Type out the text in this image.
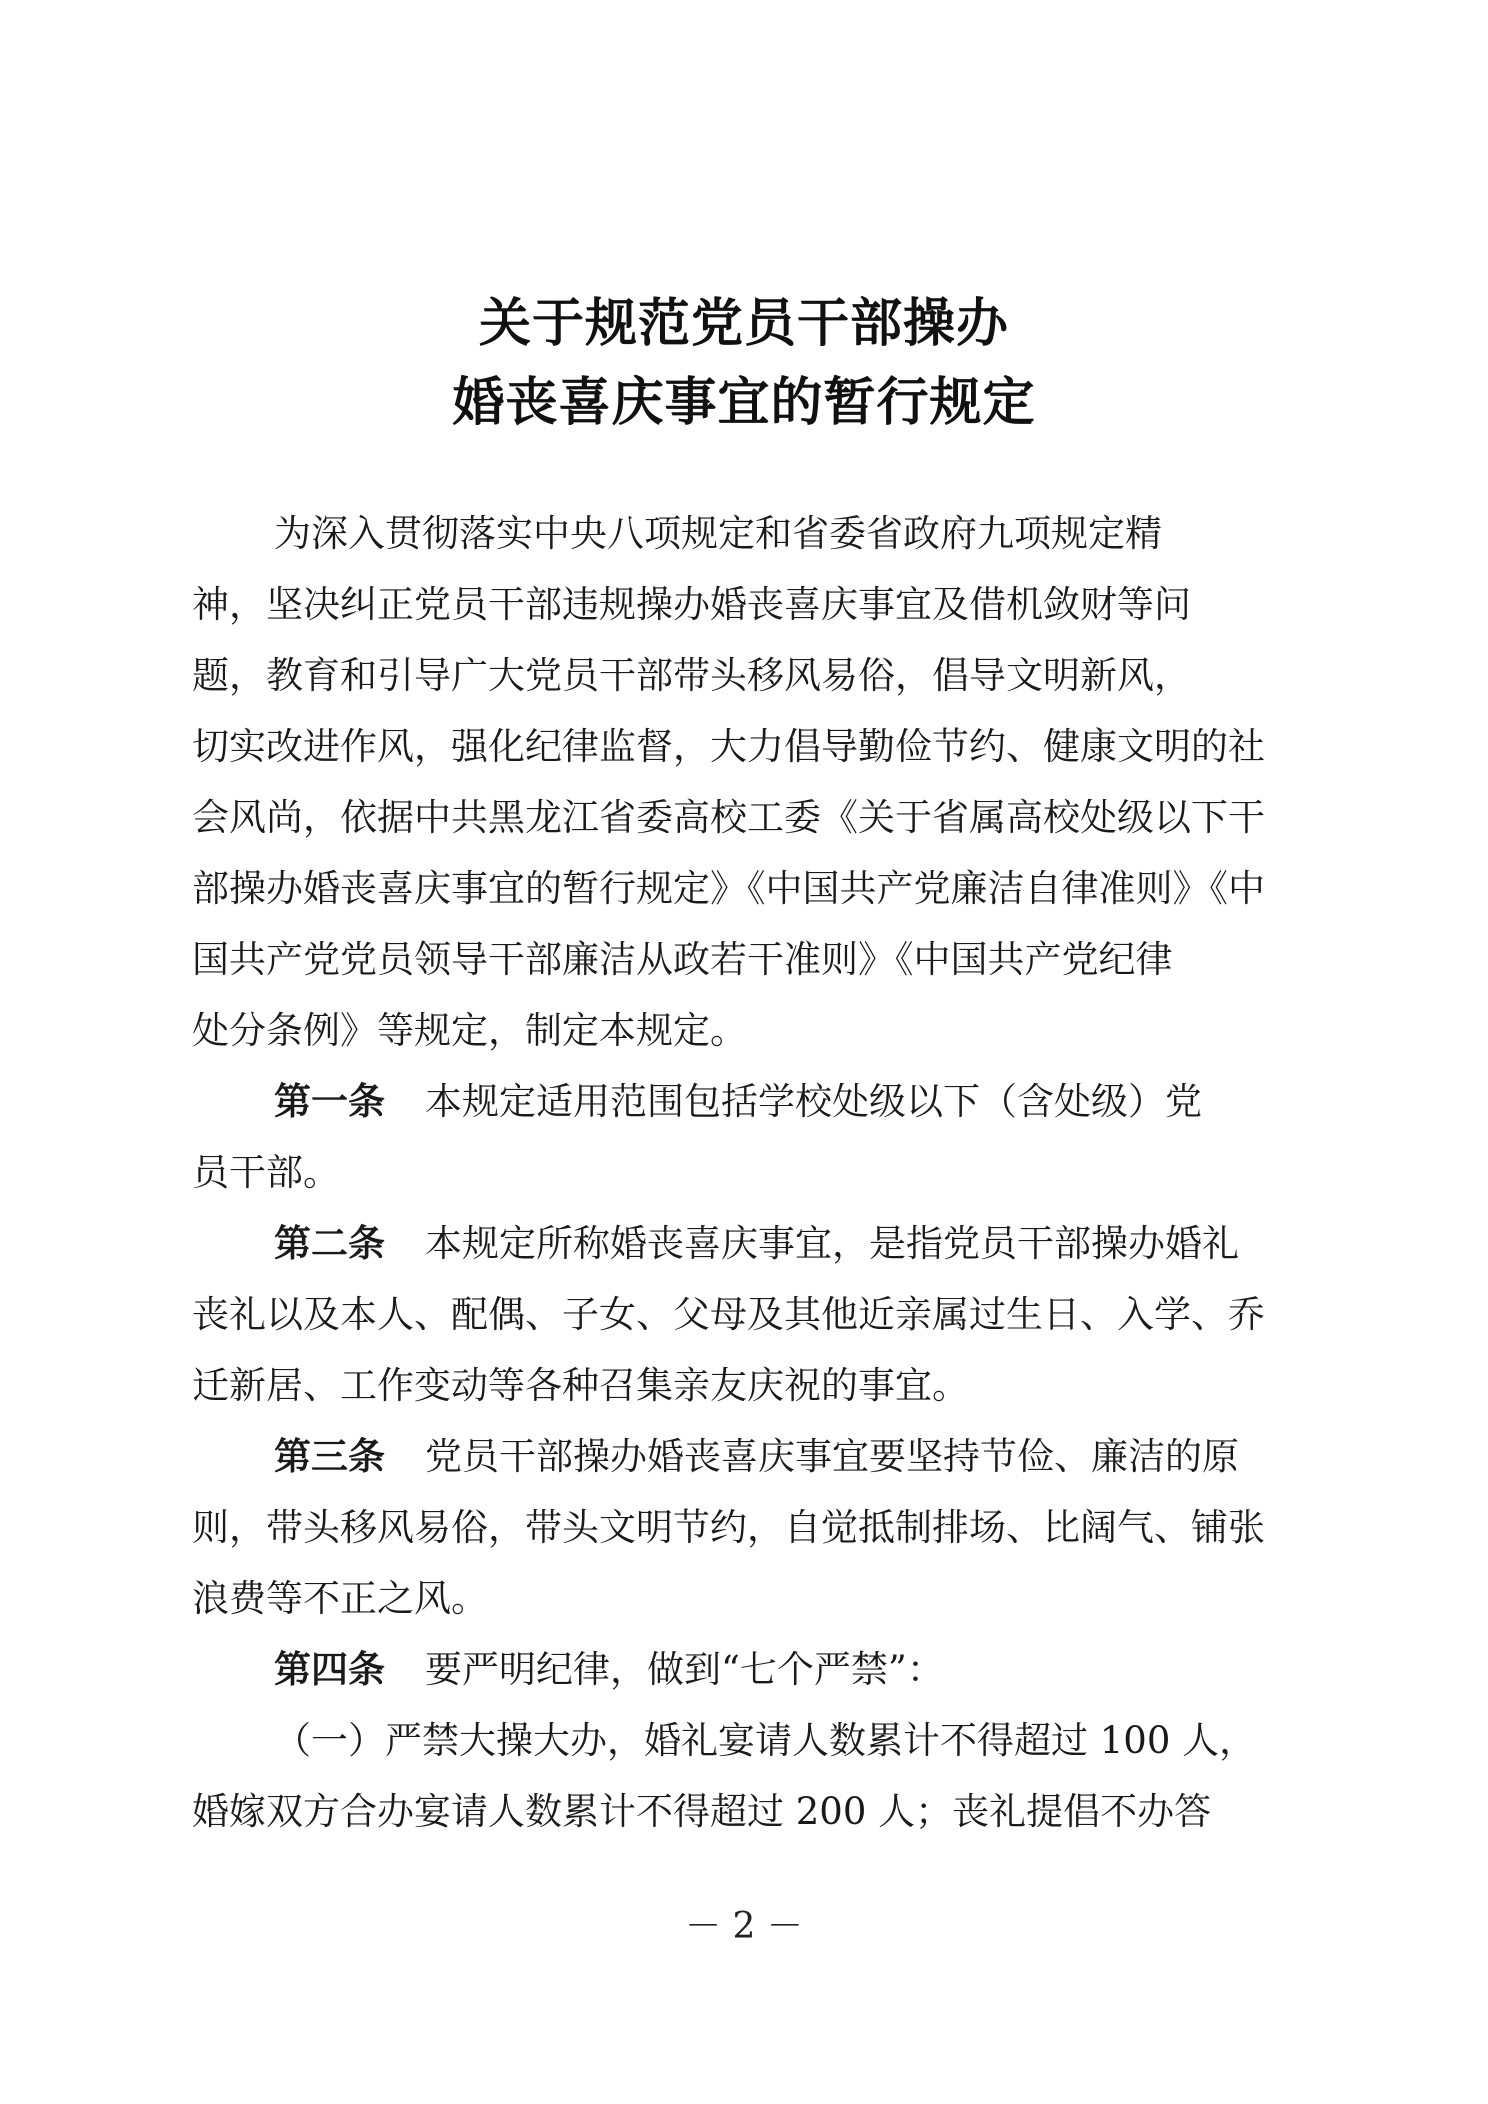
关于规范党员干部操办
婚丧喜庆事宜的暂行规定
为深入贯彻落实中央八项规定和省委省政府九项规定精
神，坚决纠正党员干部违规操办婚丧喜庆事宜及借机敛财等问
题，教育和引导广大党员干部带头移风易俗，倡导文明新风，
切实改进作风，强化纪律监督，大力倡导勤俭节约、健康文明的社
会风尚，依据中共黑龙江省委高校工委《关于省属高校处级以下干
部操办婚丧喜庆事宜的暂行规定》《中国共产党廉洁自律准则》《中
国共产党党员领导干部廉洁从政若干准则》《中国共产党纪律
处分条例》等规定，制定本规定。
第一条 本规定适用范围包括学校处级以下（含处级）党
员干部。
第二条 本规定所称婚丧喜庆事宜，是指党员干部操办婚礼
丧礼以及本人、配偶、子女、父母及其他近亲属过生日、入学、乔
迁新居、工作变动等各种召集亲友庆祝的事宜。
第三条 党员干部操办婚丧喜庆事宜要坚持节俭、廉洁的原
则，带头移风易俗，带头文明节约，自觉抵制排场、比阔气、铺张
浪费等不正之风。
第四条 要严明纪律，做到“七个严禁”：
（一）严禁大操大办，婚礼宴请人数累计不得超过 100 人，
婚嫁双方合办宴请人数累计不得超过 200 人；丧礼提倡不办答
－ 2 －
